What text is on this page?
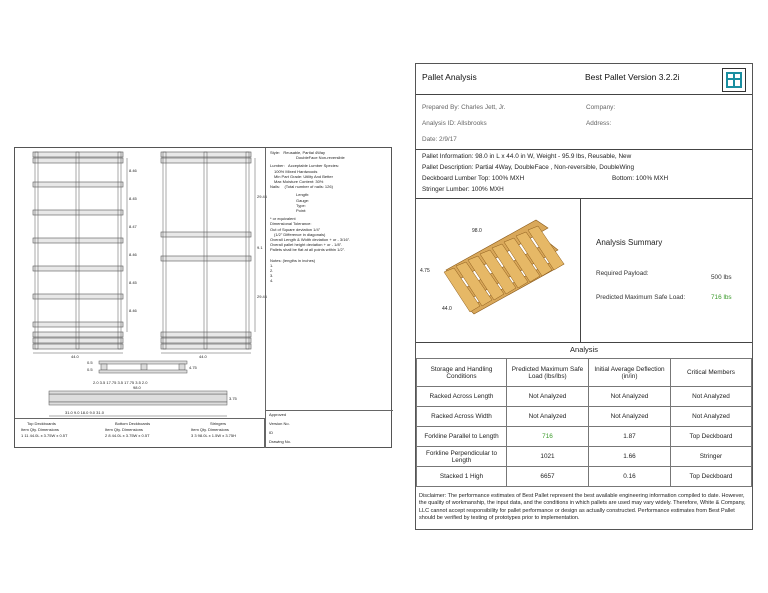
8.46
8.45
8.47
8.46
8.45
8.46
29.46
9.1
29.46
44.0	44.0
0.5
0.5	4.75
2.0 3.5 17.75 3.5 17.75 3.5 2.0
98.0
3.75
31.0 9.0 18.0 9.0 31.0
Style: Reusable, Partial 4Way
DoubleFace Non-reversible
Lumber: Acceptable Lumber Species:
100% Mixed Hardwoods
Min Part Grade: Utility And Better
Max Moisture Content: 30%
Nails: (Total number of nails: 126)
Length:
Gauge:
Type:
Point:
* or equivalent
Dimensional Tolerance:
Out of Square deviation 1/4"
(1/2" Difference in diagonals)
Overall Length & Width deviation + or - 3/16".
Overall pallet height deviation + or - 1/8".
Pallets shall be flat at all points within 1/2".
Notes: (lengths in inches)
1.
2.
3.
4.
Top Deckboards
Item Qty. Dimensions
1 11 44.0L x 3.75W x 0.5T
Bottom Deckboards
Item Qty. Dimensions
2 8 44.0L x 3.75W x 0.5T
Stringers
Item Qty. Dimensions
3 3 98.0L x 1.5W x 3.75H
Approved
Version No.
ID
Drawing No.
Pallet Analysis	Best Pallet Version 3.2.2i
Prepared By: Charles Jett, Jr.	Company:
Analysis ID: Allsbrooks	Address:
Date: 2/9/17
Pallet Information: 98.0 in L x 44.0 in W, Weight - 95.9 lbs, Reusable, New
Pallet Description: Partial 4Way, DoubleFace , Non-reversible, DoubleWing
Deckboard Lumber Top: 100% MXH	Bottom: 100% MXH
Stringer Lumber: 100% MXH
98.0
4.75
44.0
Analysis Summary
Required Payload:
500 lbs
Predicted Maximum Safe Load:	716 lbs
Analysis
Storage and Handling Conditions	Predicted Maximum Safe Load (lbs/lbs)	Initial Average Deflection (in/in)	Critical Members
Racked Across Length	Not Analyzed	Not Analyzed	Not Analyzed
Racked Across Width	Not Analyzed	Not Analyzed	Not Analyzed
Forkline Parallel to Length	716	1.87	Top Deckboard
Forkline Perpendicular to Length	1021	1.66	Stringer
Stacked 1 High	6657	0.16	Top Deckboard
Disclaimer: The performance estimates of Best Pallet represent the best available engineering information compiled to date. However, the quality of workmanship, the input data, and the conditions in which pallets are used may vary widely. Therefore, White & Company, LLC cannot accept responsibility for pallet performance or design as actually constructed. Performance estimates from Best Pallet should be verified by testing of prototypes prior to implementation.
